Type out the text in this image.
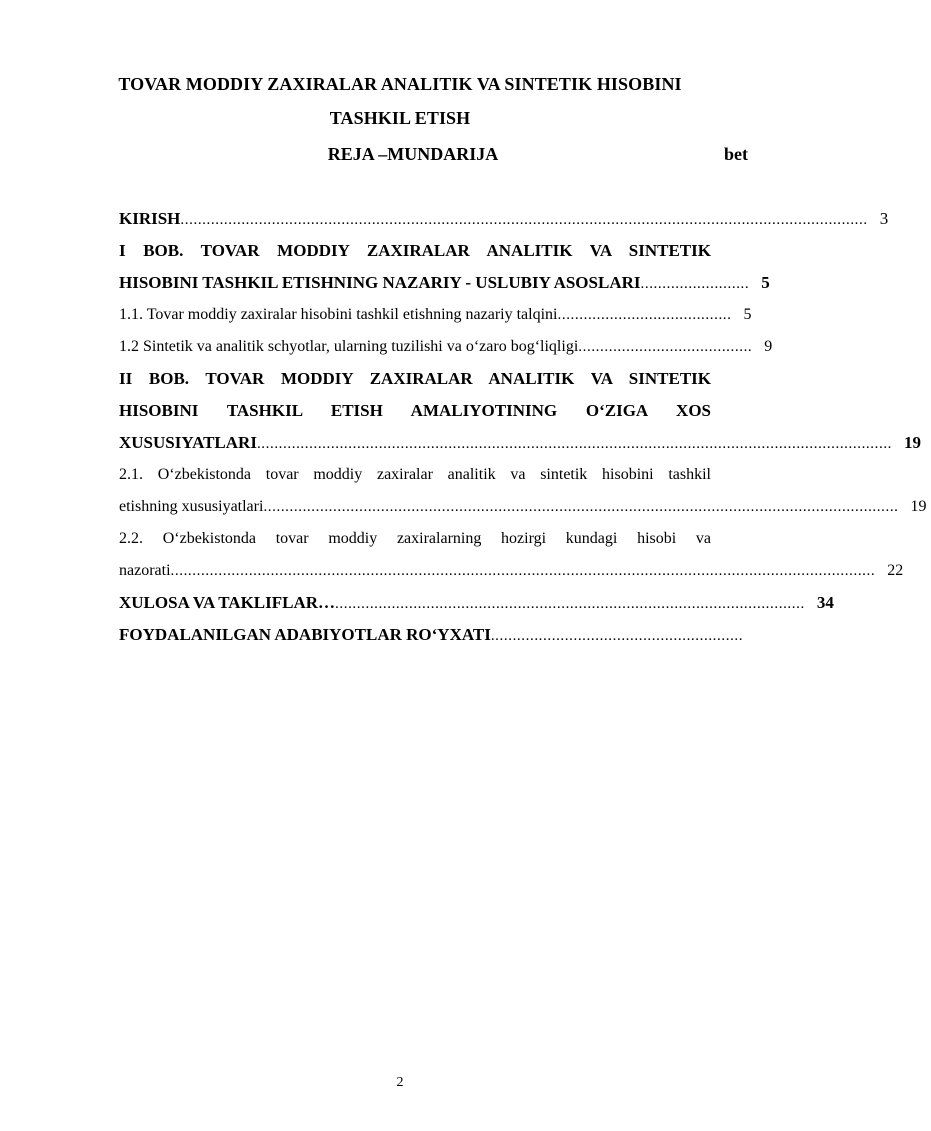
TOVAR MODDIY ZAXIRALAR ANALITIK VA SINTETIK HISOBINI
TASHKIL ETISH
REJA –MUNDARIJA	bet
KIRISH .............................................................................................................................................................. 3
I BOB. TOVAR MODDIY ZAXIRALAR ANALITIK VA SINTETIK
HISOBINI TASHKIL ETISHNING NAZARIY - USLUBIY ASOSLARI ......................... 5
1.1. Tovar moddiy zaxiralar hisobini tashkil etishning nazariy talqini ........................................ 5
1.2 Sintetik va analitik schyotlar, ularning tuzilishi va o‘zaro bog‘liqligi ........................................ 9
II BOB. TOVAR MODDIY ZAXIRALAR ANALITIK VA SINTETIK
HISOBINI TASHKIL ETISH AMALIYOTINING O‘ZIGA XOS
XUSUSIYATLARI .................................................................................................................................................. 19
2.1. O‘zbekistonda tovar moddiy zaxiralar analitik va sintetik hisobini tashkil
etishning xususiyatlari .................................................................................................................................................. 19
2.2. O‘zbekistonda tovar moddiy zaxiralarning hozirgi kundagi hisobi va
nazorati .................................................................................................................................................................. 22
XULOSA VA TAKLIFLAR… ............................................................................................................ 34
FOYDALANILGAN ADABIYOTLAR RO‘YXATI ..........................................................
2
